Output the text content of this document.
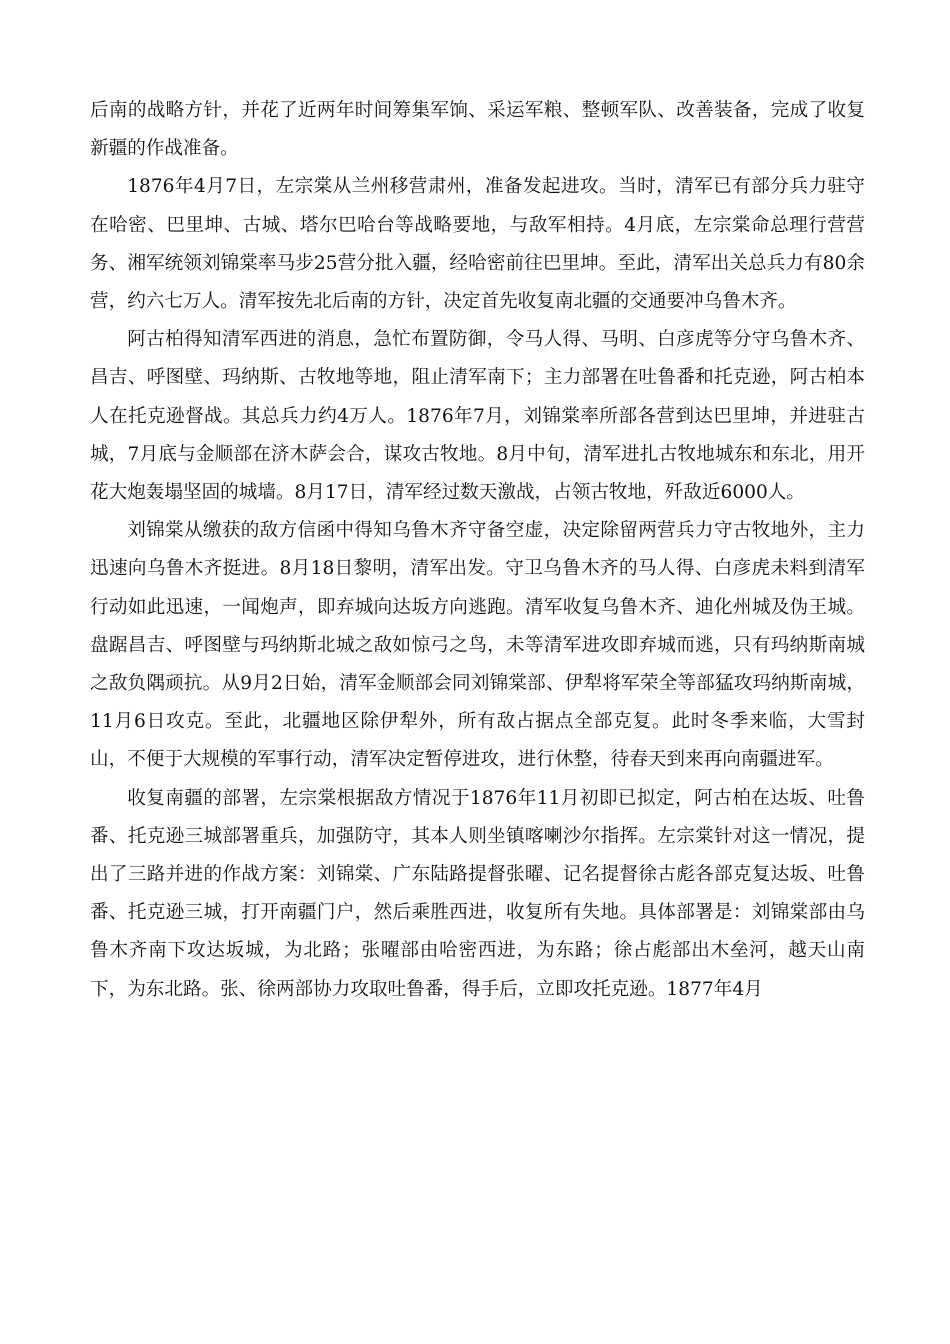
后南的战略方针，并花了近两年时间筹集军饷、采运军粮、整顿军队、改善装备，完成了收复新疆的作战准备。

1876年4月7日，左宗棠从兰州移营肃州，准备发起进攻。当时，清军已有部分兵力驻守在哈密、巴里坤、古城、塔尔巴哈台等战略要地，与敌军相持。4月底，左宗棠命总理行营营务、湘军统领刘锦棠率马步25营分批入疆，经哈密前往巴里坤。至此，清军出关总兵力有80余营，约六七万人。清军按先北后南的方针，决定首先收复南北疆的交通要冲乌鲁木齐。

阿古柏得知清军西进的消息，急忙布置防御，令马人得、马明、白彦虎等分守乌鲁木齐、昌吉、呼图壁、玛纳斯、古牧地等地，阻止清军南下；主力部署在吐鲁番和托克逊，阿古柏本人在托克逊督战。其总兵力约4万人。1876年7月，刘锦棠率所部各营到达巴里坤，并进驻古城，7月底与金顺部在济木萨会合，谋攻古牧地。8月中旬，清军进扎古牧地城东和东北，用开花大炮轰塌坚固的城墙。8月17日，清军经过数天激战，占领古牧地，歼敌近6000人。

刘锦棠从缴获的敌方信函中得知乌鲁木齐守备空虚，决定除留两营兵力守古牧地外，主力迅速向乌鲁木齐挺进。8月18日黎明，清军出发。守卫乌鲁木齐的马人得、白彦虎未料到清军行动如此迅速，一闻炮声，即弃城向达坂方向逃跑。清军收复乌鲁木齐、迪化州城及伪王城。盘踞昌吉、呼图壁与玛纳斯北城之敌如惊弓之鸟，未等清军进攻即弃城而逃，只有玛纳斯南城之敌负隅顽抗。从9月2日始，清军金顺部会同刘锦棠部、伊犁将军荣全等部猛攻玛纳斯南城，11月6日攻克。至此，北疆地区除伊犁外，所有敌占据点全部克复。此时冬季来临，大雪封山，不便于大规模的军事行动，清军决定暂停进攻，进行休整，待春天到来再向南疆进军。

收复南疆的部署，左宗棠根据敌方情况于1876年11月初即已拟定，阿古柏在达坂、吐鲁番、托克逊三城部署重兵，加强防守，其本人则坐镇喀喇沙尔指挥。左宗棠针对这一情况，提出了三路并进的作战方案：刘锦棠、广东陆路提督张曜、记名提督徐古彪各部克复达坂、吐鲁番、托克逊三城，打开南疆门户，然后乘胜西进，收复所有失地。具体部署是：刘锦棠部由乌鲁木齐南下攻达坂城，为北路；张曜部由哈密西进，为东路；徐占彪部出木垒河，越天山南下，为东北路。张、徐两部协力攻取吐鲁番，得手后，立即攻托克逊。1877年4月
